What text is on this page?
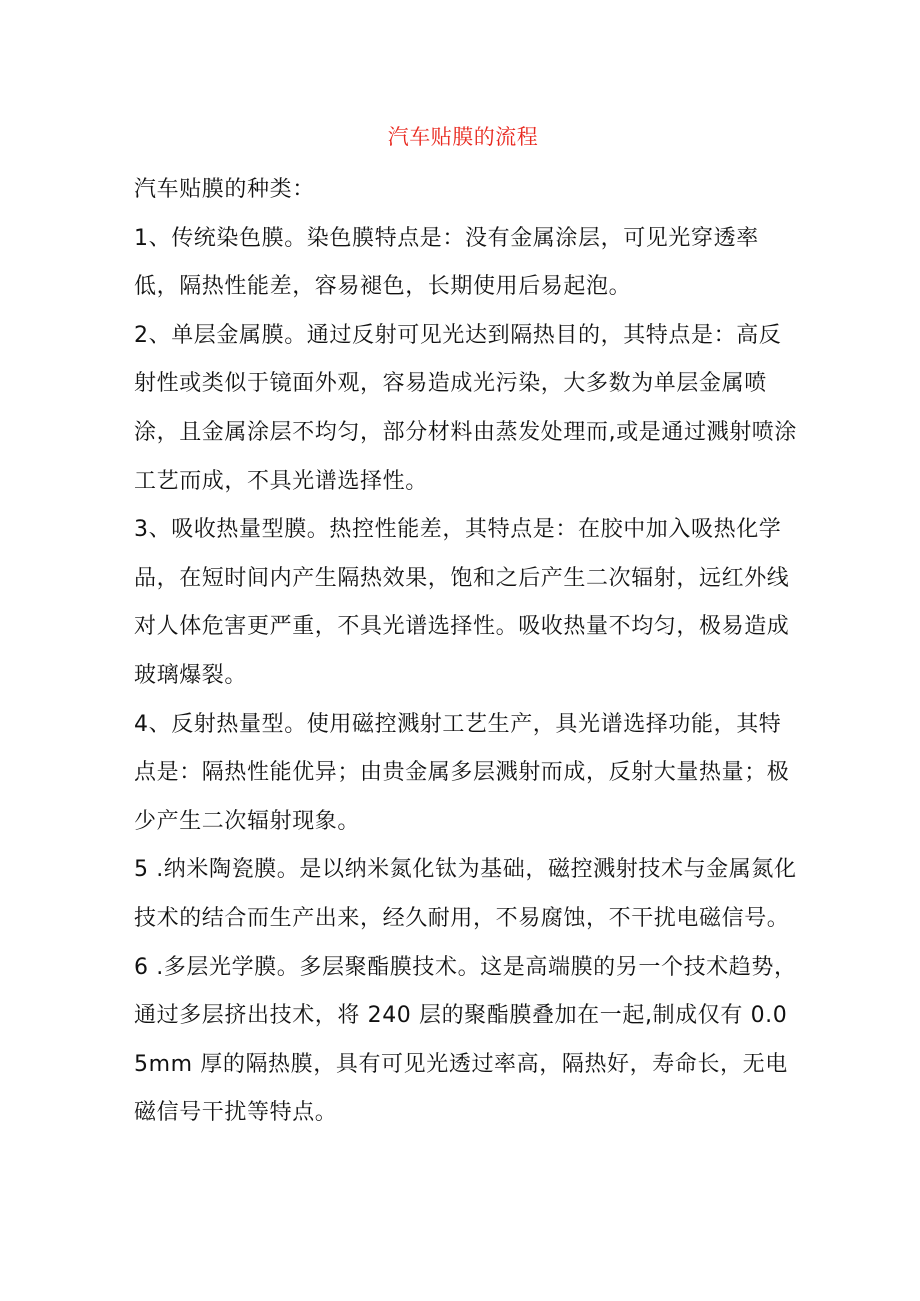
汽车贴膜的流程

汽车贴膜的种类：

1、传统染色膜。染色膜特点是：没有金属涂层，可见光穿透率低，隔热性能差，容易褪色，长期使用后易起泡。

2、单层金属膜。通过反射可见光达到隔热目的，其特点是：高反射性或类似于镜面外观，容易造成光污染，大多数为单层金属喷涂，且金属涂层不均匀，部分材料由蒸发处理而,或是通过溅射喷涂工艺而成，不具光谱选择性。

3、吸收热量型膜。热控性能差，其特点是：在胶中加入吸热化学品，在短时间内产生隔热效果，饱和之后产生二次辐射，远红外线对人体危害更严重，不具光谱选择性。吸收热量不均匀，极易造成玻璃爆裂。

4、反射热量型。使用磁控溅射工艺生产，具光谱选择功能，其特点是：隔热性能优异；由贵金属多层溅射而成，反射大量热量；极少产生二次辐射现象。

5 .纳米陶瓷膜。是以纳米氮化钛为基础，磁控溅射技术与金属氮化技术的结合而生产出来，经久耐用，不易腐蚀，不干扰电磁信号。

6 .多层光学膜。多层聚酯膜技术。这是高端膜的另一个技术趋势，通过多层挤出技术，将 240 层的聚酯膜叠加在一起,制成仅有 0.05mm 厚的隔热膜，具有可见光透过率高，隔热好，寿命长，无电磁信号干扰等特点。
